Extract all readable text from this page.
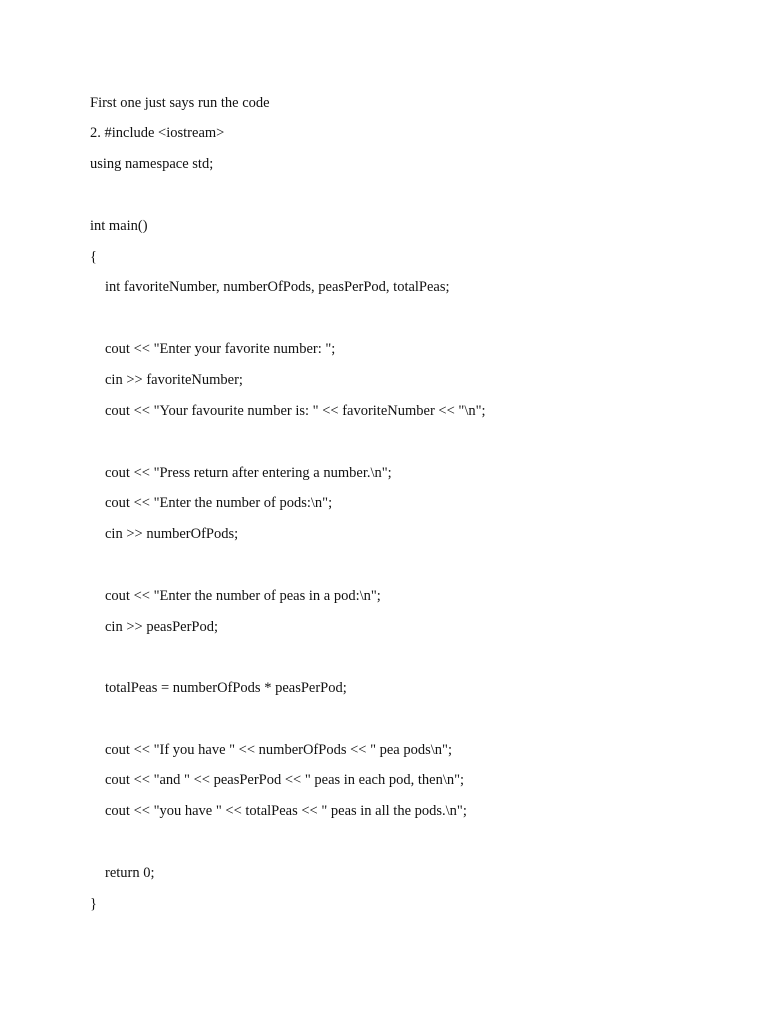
First one just says run the code
2. #include <iostream>
using namespace std;
int main()
{
int favoriteNumber, numberOfPods, peasPerPod, totalPeas;
cout << "Enter your favorite number: ";
cin >> favoriteNumber;
cout << "Your favourite number is: " << favoriteNumber << "\n";
cout << "Press return after entering a number.\n";
cout << "Enter the number of pods:\n";
cin >> numberOfPods;
cout << "Enter the number of peas in a pod:\n";
cin >> peasPerPod;
totalPeas = numberOfPods * peasPerPod;
cout << "If you have " << numberOfPods << " pea pods\n";
cout << "and " << peasPerPod << " peas in each pod, then\n";
cout << "you have " << totalPeas << " peas in all the pods.\n";
return 0;
}
